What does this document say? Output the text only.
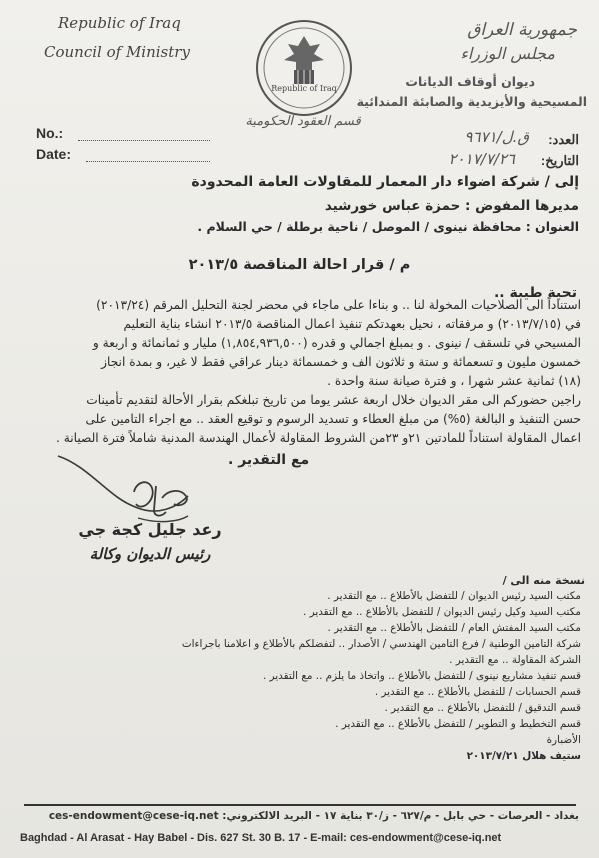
Republic of Iraq
Council of Ministry
Republic of Iraq
قسم العقود الحكومية
جمهورية العراق
مجلس الوزراء
ديوان أوقاف الديانات
المسيحية والأيزيدية والصابئة المندائية
No.:
Date:
العدد:
ق.ل/٩٦٧١
التاريخ:
٢٠١٧/٧/٢٦
إلى / شركة اضواء دار المعمار للمقاولات العامة المحدودة
مديرها المفوض : حمزة عباس خورشيد
العنوان : محافظة نينوى / الموصل / ناحية برطلة / حي السلام .
م / قرار احالة المناقصة ٢٠١٣/٥
تحية طيبة ..
استناداً الى الصلاحيات المخولة لنا .. و بناءا على ماجاء في محضر لجنة التحليل المرقم (٢٠١٣/٢٤)
في (٢٠١٣/٧/١٥) و مرفقاته ، نحيل بعهدتكم تنفيذ اعمال المناقصة ٢٠١٣/٥ انشاء بناية التعليم
المسيحي في تلسقف / نينوى . و بمبلغ اجمالي و قدره (١,٨٥٤,٩٣٦,٥٠٠) مليار و ثمانمائة و اربعة و
خمسون مليون و تسعمائة و ستة و ثلاثون الف و خمسمائة دينار عراقي فقط لا غير، و بمدة انجاز
(١٨) ثمانية عشر شهرا ، و فترة صيانة سنة واحدة .
راجين حضوركم الى مقر الديوان خلال اربعة عشر يوما من تاريخ تبلغكم بقرار الأحالة لتقديم تأمينات
حسن التنفيذ و البالغة (٥%) من مبلغ العطاء و تسديد الرسوم و توقيع العقد .. مع اجراء التامين على
اعمال المقاولة استناداً للمادتين ٢١و ٢٣من الشروط المقاولة لأعمال الهندسة المدنية شاملاً فترة الصيانة .
مع التقدير .
رعد جليل كجة جي
رئيس الديوان وكالة
نسخة منه الى /
مكتب السيد رئيس الديوان / للتفضل بالأطلاع .. مع التقدير .
مكتب السيد وكيل رئيس الديوان / للتفضل بالأطلاع .. مع التقدير .
مكتب السيد المفتش العام / للتفضل بالأطلاع .. مع التقدير .
شركة التامين الوطنية / فرع التامين الهندسي / الأصدار .. لتفضلكم بالأطلاع و اعلامنا باجراءات
الشركة المقاولة .. مع التقدير .
قسم تنفيذ مشاريع نينوى / للتفضل بالأطلاع .. واتخاذ ما يلزم .. مع التقدير .
قسم الحسابات / للتفضل بالأطلاع .. مع التقدير .
قسم التدقيق / للتفضل بالأطلاع .. مع التقدير .
قسم التخطيط و التطوير / للتفضل بالأطلاع .. مع التقدير .
الأضبارة
ستيف هلال ٢٠١٣/٧/٢١
بغداد - العرصات - حي بابل - م/٦٢٧ - ز/٣٠ بناية ١٧ - البريد الالكتروني: ces-endowment@cese-iq.net
Baghdad - Al Arasat - Hay Babel - Dis. 627 St. 30 B. 17 - E-mail: ces-endowment@cese-iq.net
